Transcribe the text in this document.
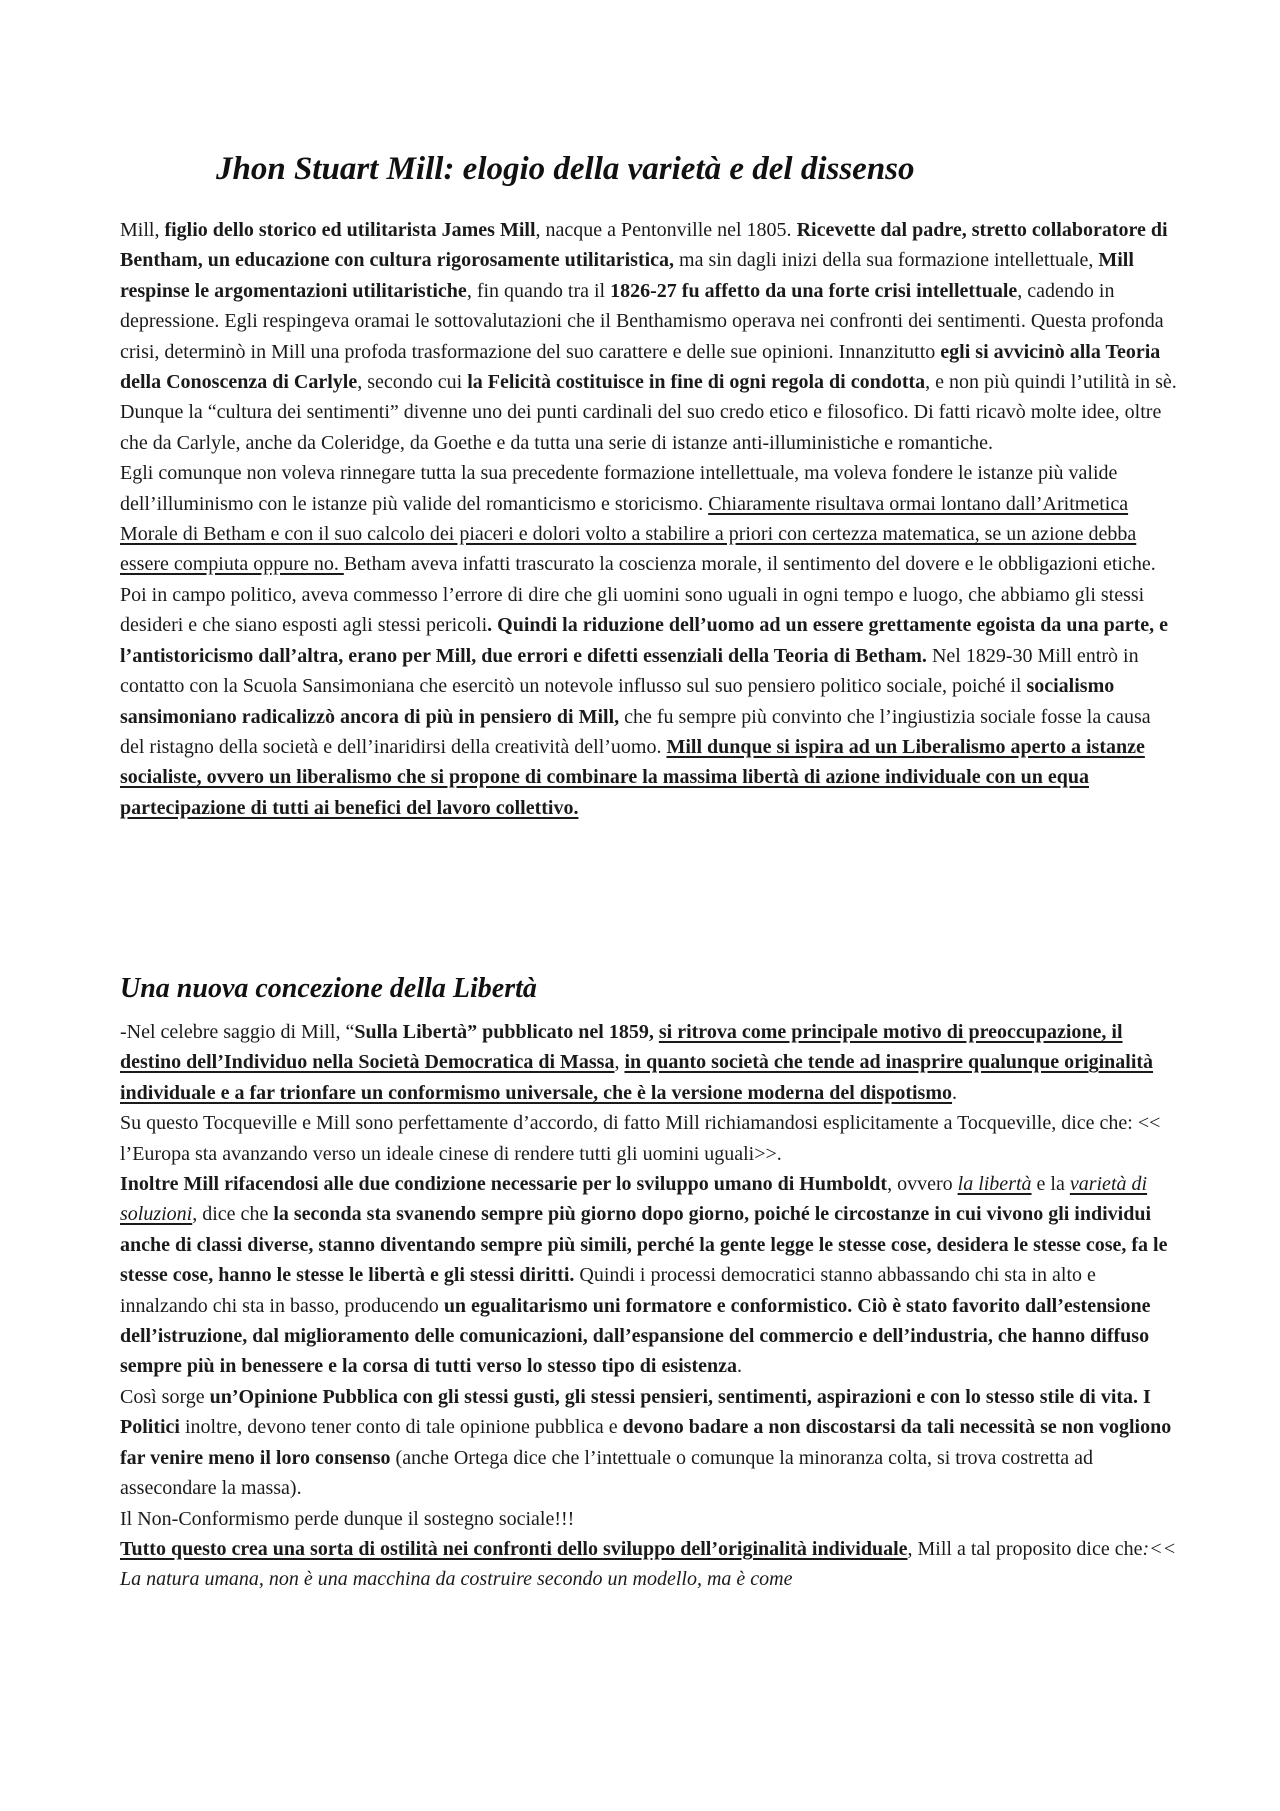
Jhon Stuart Mill: elogio della varietà e del dissenso

Mill, figlio dello storico ed utilitarista James Mill, nacque a Pentonville nel 1805. Ricevette dal padre, stretto collaboratore di Bentham, un educazione con cultura rigorosamente utilitaristica, ma sin dagli inizi della sua formazione intellettuale, Mill respinse le argomentazioni utilitaristiche, fin quando tra il 1826-27 fu affetto da una forte crisi intellettuale, cadendo in depressione. Egli respingeva oramai le sottovalutazioni che il Benthamismo operava nei confronti dei sentimenti. Questa profonda crisi, determinò in Mill una profoda trasformazione del suo carattere e delle sue opinioni. Innanzitutto egli si avvicinò alla Teoria della Conoscenza di Carlyle, secondo cui la Felicità costituisce in fine di ogni regola di condotta, e non più quindi l’utilità in sè. Dunque la “cultura dei sentimenti” divenne uno dei punti cardinali del suo credo etico e filosofico. Di fatti ricavò molte idee, oltre che da Carlyle, anche da Coleridge, da Goethe e da tutta una serie di istanze anti-illuministiche e romantiche.
Egli comunque non voleva rinnegare tutta la sua precedente formazione intellettuale, ma voleva fondere le istanze più valide dell’illuminismo con le istanze più valide del romanticismo e storicismo. Chiaramente risultava ormai lontano dall’Aritmetica Morale di Betham e con il suo calcolo dei piaceri e dolori volto a stabilire a priori con certezza matematica, se un azione debba essere compiuta oppure no. Betham aveva infatti trascurato la coscienza morale, il sentimento del dovere e le obbligazioni etiche. Poi in campo politico, aveva commesso l’errore di dire che gli uomini sono uguali in ogni tempo e luogo, che abbiamo gli stessi desideri e che siano esposti agli stessi pericoli. Quindi la riduzione dell’uomo ad un essere grettamente egoista da una parte, e l’antistoricismo dall’altra, erano per Mill, due errori e difetti essenziali della Teoria di Betham. Nel 1829-30 Mill entrò in contatto con la Scuola Sansimoniana che esercitò un notevole influsso sul suo pensiero politico sociale, poiché il socialismo sansimoniano radicalizzò ancora di più in pensiero di Mill, che fu sempre più convinto che l’ingiustizia sociale fosse la causa del ristagno della società e dell’inaridirsi della creatività dell’uomo. Mill dunque si ispira ad un Liberalismo aperto a istanze socialiste, ovvero un liberalismo che si propone di combinare la massima libertà di azione individuale con un equa partecipazione di tutti ai benefici del lavoro collettivo.

Una nuova concezione della Libertà

-Nel celebre saggio di Mill, “Sulla Libertà” pubblicato nel 1859, si ritrova come principale motivo di preoccupazione, il destino dell’Individuo nella Società Democratica di Massa, in quanto società che tende ad inasprire qualunque originalità individuale e a far trionfare un conformismo universale, che è la versione moderna del dispotismo.
Su questo Tocqueville e Mill sono perfettamente d’accordo, di fatto Mill richiamandosi esplicitamente a Tocqueville, dice che: << l’Europa sta avanzando verso un ideale cinese di rendere tutti gli uomini uguali>>.
Inoltre Mill rifacendosi alle due condizione necessarie per lo sviluppo umano di Humboldt, ovvero la libertà e la varietà di soluzioni, dice che la seconda sta svanendo sempre più giorno dopo giorno, poiché le circostanze in cui vivono gli individui anche di classi diverse, stanno diventando sempre più simili, perché la gente legge le stesse cose, desidera le stesse cose, fa le stesse cose, hanno le stesse le libertà e gli stessi diritti. Quindi i processi democratici stanno abbassando chi sta in alto e innalzando chi sta in basso, producendo un egualitarismo uni formatore e conformistico. Ciò è stato favorito dall’estensione dell’istruzione, dal miglioramento delle comunicazioni, dall’espansione del commercio e dell’industria, che hanno diffuso sempre più in benessere e la corsa di tutti verso lo stesso tipo di esistenza.
Così sorge un’Opinione Pubblica con gli stessi gusti, gli stessi pensieri, sentimenti, aspirazioni e con lo stesso stile di vita. I Politici inoltre, devono tener conto di tale opinione pubblica e devono badare a non discostarsi da tali necessità se non vogliono far venire meno il loro consenso (anche Ortega dice che l’intettuale o comunque la minoranza colta, si trova costretta ad assecondare la massa).
Il Non-Conformismo perde dunque il sostegno sociale!!!
Tutto questo crea una sorta di ostilità nei confronti dello sviluppo dell’originalità individuale, Mill a tal proposito dice che:<< La natura umana, non è una macchina da costruire secondo un modello, ma è come
